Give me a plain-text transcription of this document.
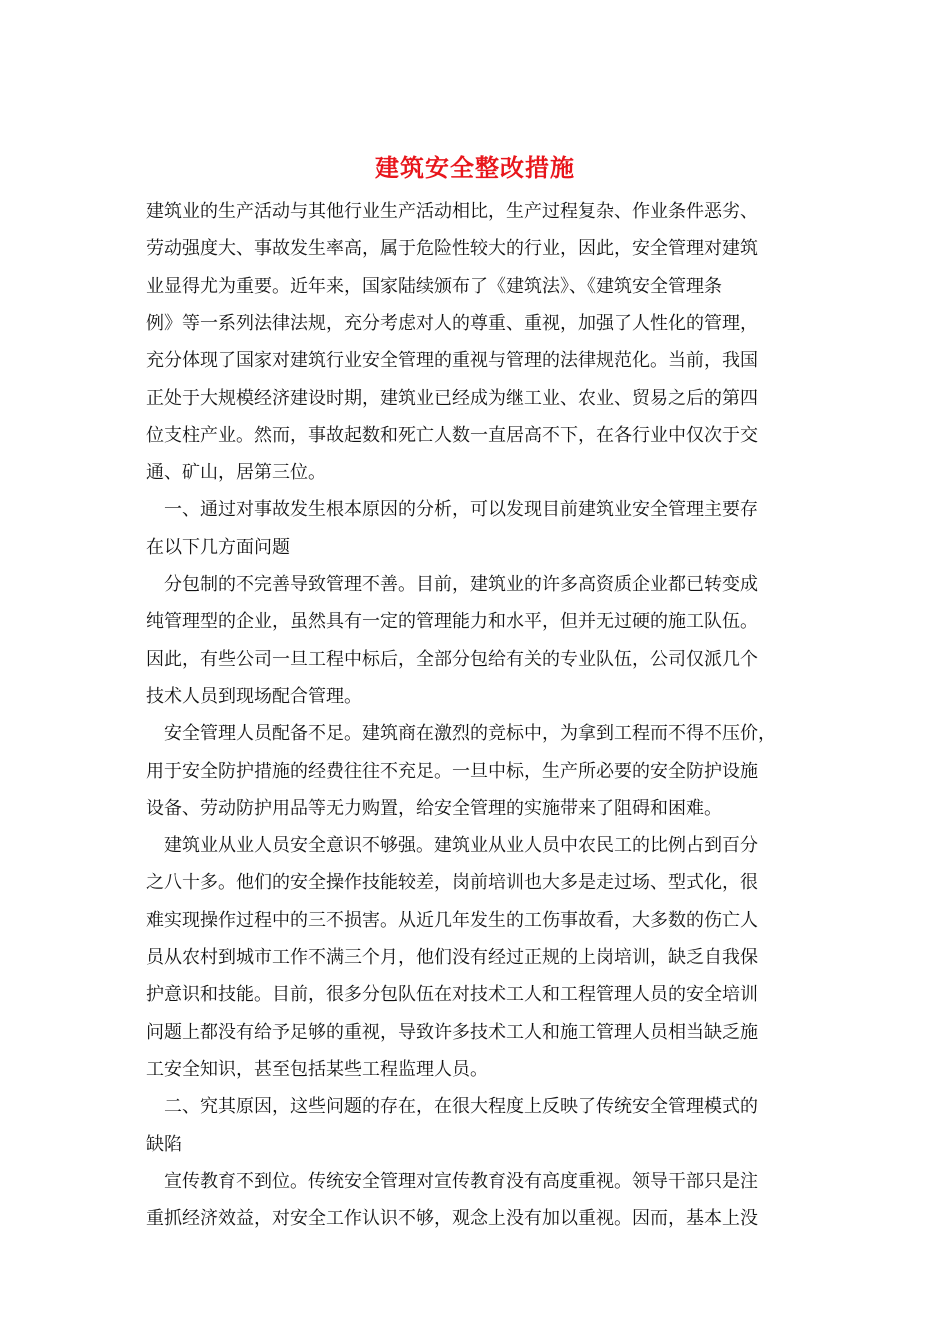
建筑安全整改措施
建筑业的生产活动与其他行业生产活动相比，生产过程复杂、作业条件恶劣、
劳动强度大、事故发生率高，属于危险性较大的行业，因此，安全管理对建筑
业显得尤为重要。近年来，国家陆续颁布了《建筑法》、《建筑安全管理条
例》等一系列法律法规，充分考虑对人的尊重、重视，加强了人性化的管理，
充分体现了国家对建筑行业安全管理的重视与管理的法律规范化。当前，我国
正处于大规模经济建设时期，建筑业已经成为继工业、农业、贸易之后的第四
位支柱产业。然而，事故起数和死亡人数一直居高不下，在各行业中仅次于交
通、矿山，居第三位。
　一、通过对事故发生根本原因的分析，可以发现目前建筑业安全管理主要存
在以下几方面问题
　分包制的不完善导致管理不善。目前，建筑业的许多高资质企业都已转变成
纯管理型的企业，虽然具有一定的管理能力和水平，但并无过硬的施工队伍。
因此，有些公司一旦工程中标后，全部分包给有关的专业队伍，公司仅派几个
技术人员到现场配合管理。
　安全管理人员配备不足。建筑商在激烈的竞标中，为拿到工程而不得不压价，
用于安全防护措施的经费往往不充足。一旦中标，生产所必要的安全防护设施
设备、劳动防护用品等无力购置，给安全管理的实施带来了阻碍和困难。
　建筑业从业人员安全意识不够强。建筑业从业人员中农民工的比例占到百分
之八十多。他们的安全操作技能较差，岗前培训也大多是走过场、型式化，很
难实现操作过程中的三不损害。从近几年发生的工伤事故看，大多数的伤亡人
员从农村到城市工作不满三个月，他们没有经过正规的上岗培训，缺乏自我保
护意识和技能。目前，很多分包队伍在对技术工人和工程管理人员的安全培训
问题上都没有给予足够的重视，导致许多技术工人和施工管理人员相当缺乏施
工安全知识，甚至包括某些工程监理人员。
　二、究其原因，这些问题的存在，在很大程度上反映了传统安全管理模式的
缺陷
　宣传教育不到位。传统安全管理对宣传教育没有高度重视。领导干部只是注
重抓经济效益，对安全工作认识不够，观念上没有加以重视。因而，基本上没
